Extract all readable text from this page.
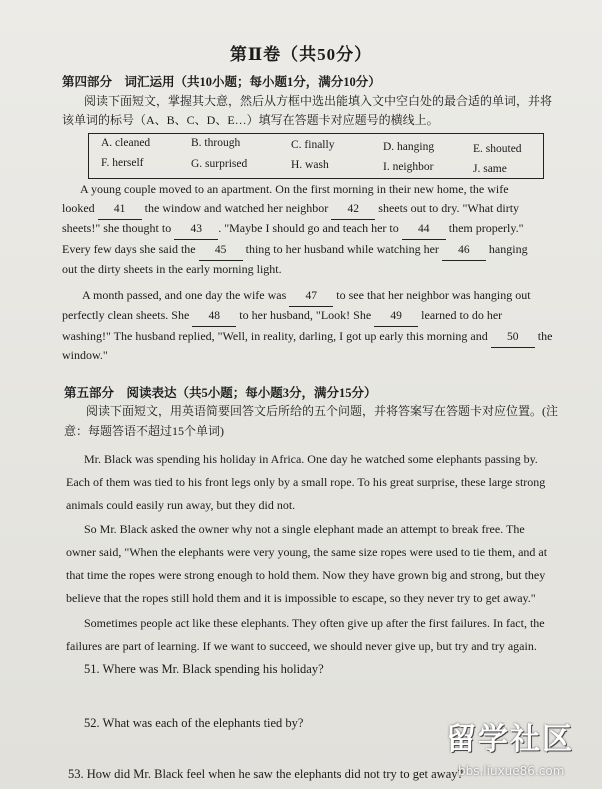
第Ⅱ卷（共50分）
第四部分　词汇运用（共10小题；每小题1分，满分10分）
阅读下面短文，掌握其大意，然后从方框中选出能填入文中空白处的最合适的单词，并将
该单词的标号（A、B、C、D、E…）填写在答题卡对应题号的横线上。
A. cleaned	B. through	C. finally	D. hanging	E. shouted
F. herself	G. surprised	H. wash	I. neighbor	J. same
A young couple moved to an apartment. On the first morning in their new home, the wife
looked 41 the window and watched her neighbor 42 sheets out to dry. "What dirty
sheets!" she thought to 43 . "Maybe I should go and teach her to 44 them properly."
Every few days she said the 45 thing to her husband while watching her 46 hanging
out the dirty sheets in the early morning light.
A month passed, and one day the wife was 47 to see that her neighbor was hanging out
perfectly clean sheets. She 48 to her husband, "Look! She 49 learned to do her
washing!" The husband replied, "Well, in reality, darling, I got up early this morning and 50 the
window."
第五部分　阅读表达（共5小题；每小题3分，满分15分）
阅读下面短文，用英语简要回答文后所给的五个问题，并将答案写在答题卡对应位置。(注
意：每题答语不超过15个单词)
Mr. Black was spending his holiday in Africa. One day he watched some elephants passing by.
Each of them was tied to his front legs only by a small rope. To his great surprise, these large strong
animals could easily run away, but they did not.
So Mr. Black asked the owner why not a single elephant made an attempt to break free. The
owner said, "When the elephants were very young, the same size ropes were used to tie them, and at
that time the ropes were strong enough to hold them. Now they have grown big and strong, but they
believe that the ropes still hold them and it is impossible to escape, so they never try to get away."
Sometimes people act like these elephants. They often give up after the first failures. In fact, the
failures are part of learning. If we want to succeed, we should never give up, but try and try again.
51. Where was Mr. Black spending his holiday?
52. What was each of the elephants tied by?
53. How did Mr. Black feel when he saw the elephants did not try to get away?
留学社区
bbs.liuxue86.com
